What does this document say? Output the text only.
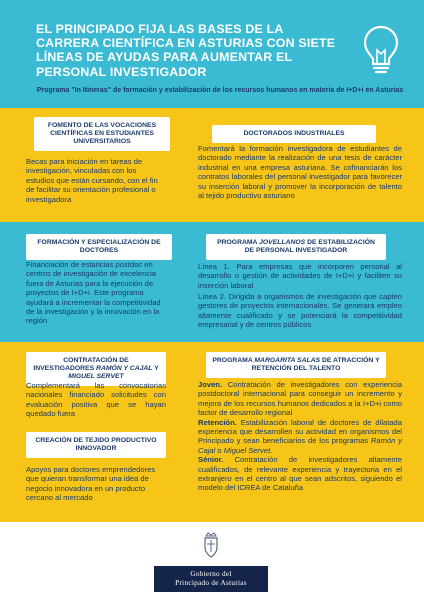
EL PRINCIPADO FIJA LAS BASES DE LA CARRERA CIENTÍFICA EN ASTURIAS CON SIETE LÍNEAS DE AYUDAS PARA AUMENTAR EL PERSONAL INVESTIGADOR
Programa "In Itineras" de formación y estabilización de los recursos humanos en materia de I+D+i en Asturias
FOMENTO DE LAS VOCACIONES CIENTÍFICAS EN ESTUDIANTES UNIVERSITARIOS
Becas para iniciación en tareas de investigación, vinculadas con los estudios que están cursando, con el fin de facilitar su orientación profesional o investigadora
DOCTORADOS INDUSTRIALES
Fomentará la formación investigadora de estudiantes de doctorado mediante la realización de una tesis de carácter industrial en una empresa asturiana. Se cofinanciarán los contratos laborales del personal investigador para favorecer su inserción laboral y promover la incorporación de talento al tejido productivo asturiano
FORMACIÓN Y ESPECIALIZACIÓN DE DOCTORES
Financiación de estancias postdoc en centros de investigación de excelencia fuera de Asturias para la ejecución de proyectos de I+D+i. Este programa ayudará a incrementar la competitividad de la investigación y la innovación en la región
PROGRAMA JOVELLANOS DE ESTABILIZACIÓN DE PERSONAL INVESTIGADOR
Línea 1. Para empresas que incorporen personal al desarrollo o gestión de actividades de I+D+i y faciliten su inserción laboral
Línea 2. Dirigida a organismos de investigación que capten gestores de proyectos internacionales. Se generará empleo altamente cualificado y se potenciará la competitividad empresarial y de centros públicos
CONTRATACIÓN DE INVESTIGADORES RAMÓN Y CAJAL Y MIGUEL SERVET
Complementará las convocatorias nacionales financiado solicitudes con evaluación positiva que se hayan quedado fuera
PROGRAMA MARGARITA SALAS DE ATRACCIÓN Y RETENCIÓN DEL TALENTO
Joven. Contratación de investigadores con experiencia postdoctoral internacional para conseguir un incremento y mejora de los recursos humanos dedicados a la I+D+i como factor de desarrollo regional
Retención. Estabilización laboral de doctores de dilatada experiencia que desarrollen su actividad en organismos del Principado y sean beneficiarios de los programas Ramón y Cajal o Miguel Servet.
Sénior. Contratación de investigadores altamente cualificados, de relevante experiencia y trayectoria en el extranjero en el centro al que sean adscritos, siguiendo el modelo del ICREA de Cataluña
CREACIÓN DE TEJIDO PRODUCTIVO INNOVADOR
Apoyos para doctores emprendedores que quieran transformar una idea de negocio innovadora en un producto cercano al mercado
Gobierno del
Principado de Asturias
